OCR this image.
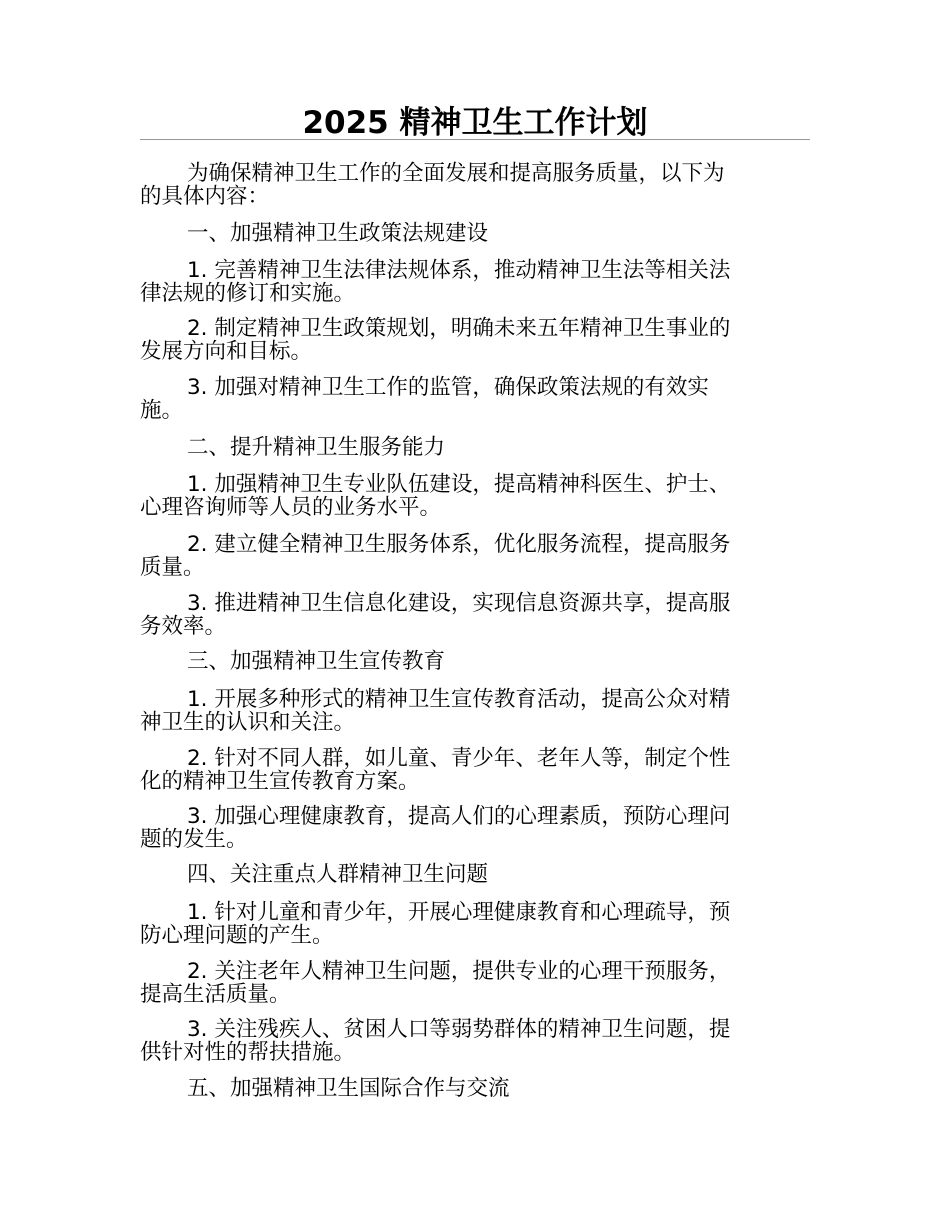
2025 精神卫生工作计划

为确保精神卫生工作的全面发展和提高服务质量，以下为
的具体内容：

一、加强精神卫生政策法规建设

1. 完善精神卫生法律法规体系，推动精神卫生法等相关法
律法规的修订和实施。

2. 制定精神卫生政策规划，明确未来五年精神卫生事业的
发展方向和目标。

3. 加强对精神卫生工作的监管，确保政策法规的有效实
施。

二、提升精神卫生服务能力

1. 加强精神卫生专业队伍建设，提高精神科医生、护士、
心理咨询师等人员的业务水平。

2. 建立健全精神卫生服务体系，优化服务流程，提高服务
质量。

3. 推进精神卫生信息化建设，实现信息资源共享，提高服
务效率。

三、加强精神卫生宣传教育

1. 开展多种形式的精神卫生宣传教育活动，提高公众对精
神卫生的认识和关注。

2. 针对不同人群，如儿童、青少年、老年人等，制定个性
化的精神卫生宣传教育方案。

3. 加强心理健康教育，提高人们的心理素质，预防心理问
题的发生。

四、关注重点人群精神卫生问题

1. 针对儿童和青少年，开展心理健康教育和心理疏导，预
防心理问题的产生。

2. 关注老年人精神卫生问题，提供专业的心理干预服务，
提高生活质量。

3. 关注残疾人、贫困人口等弱势群体的精神卫生问题，提
供针对性的帮扶措施。

五、加强精神卫生国际合作与交流
